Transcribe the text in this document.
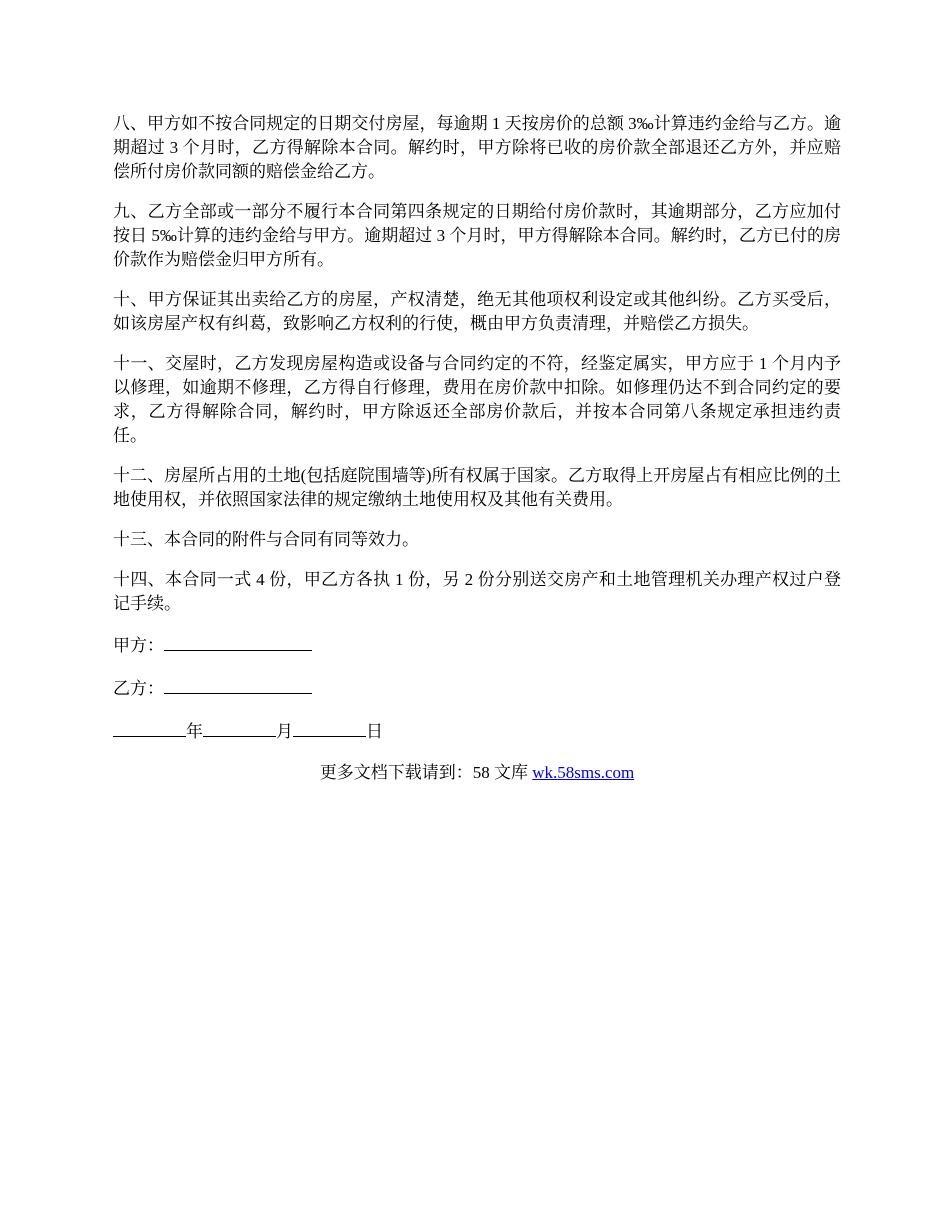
八、甲方如不按合同规定的日期交付房屋，每逾期 1 天按房价的总额 3‰计算违约金给与乙方。逾期超过 3 个月时，乙方得解除本合同。解约时，甲方除将已收的房价款全部退还乙方外，并应赔偿所付房价款同额的赔偿金给乙方。

九、乙方全部或一部分不履行本合同第四条规定的日期给付房价款时，其逾期部分，乙方应加付按日 5‰计算的违约金给与甲方。逾期超过 3 个月时，甲方得解除本合同。解约时，乙方已付的房价款作为赔偿金归甲方所有。

十、甲方保证其出卖给乙方的房屋，产权清楚，绝无其他项权利设定或其他纠纷。乙方买受后，如该房屋产权有纠葛，致影响乙方权利的行使，概由甲方负责清理，并赔偿乙方损失。

十一、交屋时，乙方发现房屋构造或设备与合同约定的不符，经鉴定属实，甲方应于 1 个月内予以修理，如逾期不修理，乙方得自行修理，费用在房价款中扣除。如修理仍达不到合同约定的要求，乙方得解除合同，解约时，甲方除返还全部房价款后，并按本合同第八条规定承担违约责任。

十二、房屋所占用的土地(包括庭院围墙等)所有权属于国家。乙方取得上开房屋占有相应比例的土地使用权，并依照国家法律的规定缴纳土地使用权及其他有关费用。

十三、本合同的附件与合同有同等效力。

十四、本合同一式 4 份，甲乙方各执 1 份，另 2 份分别送交房产和土地管理机关办理产权过户登记手续。

甲方：
乙方：
年	月	日
更多文档下载请到：58 文库 wk.58sms.com
